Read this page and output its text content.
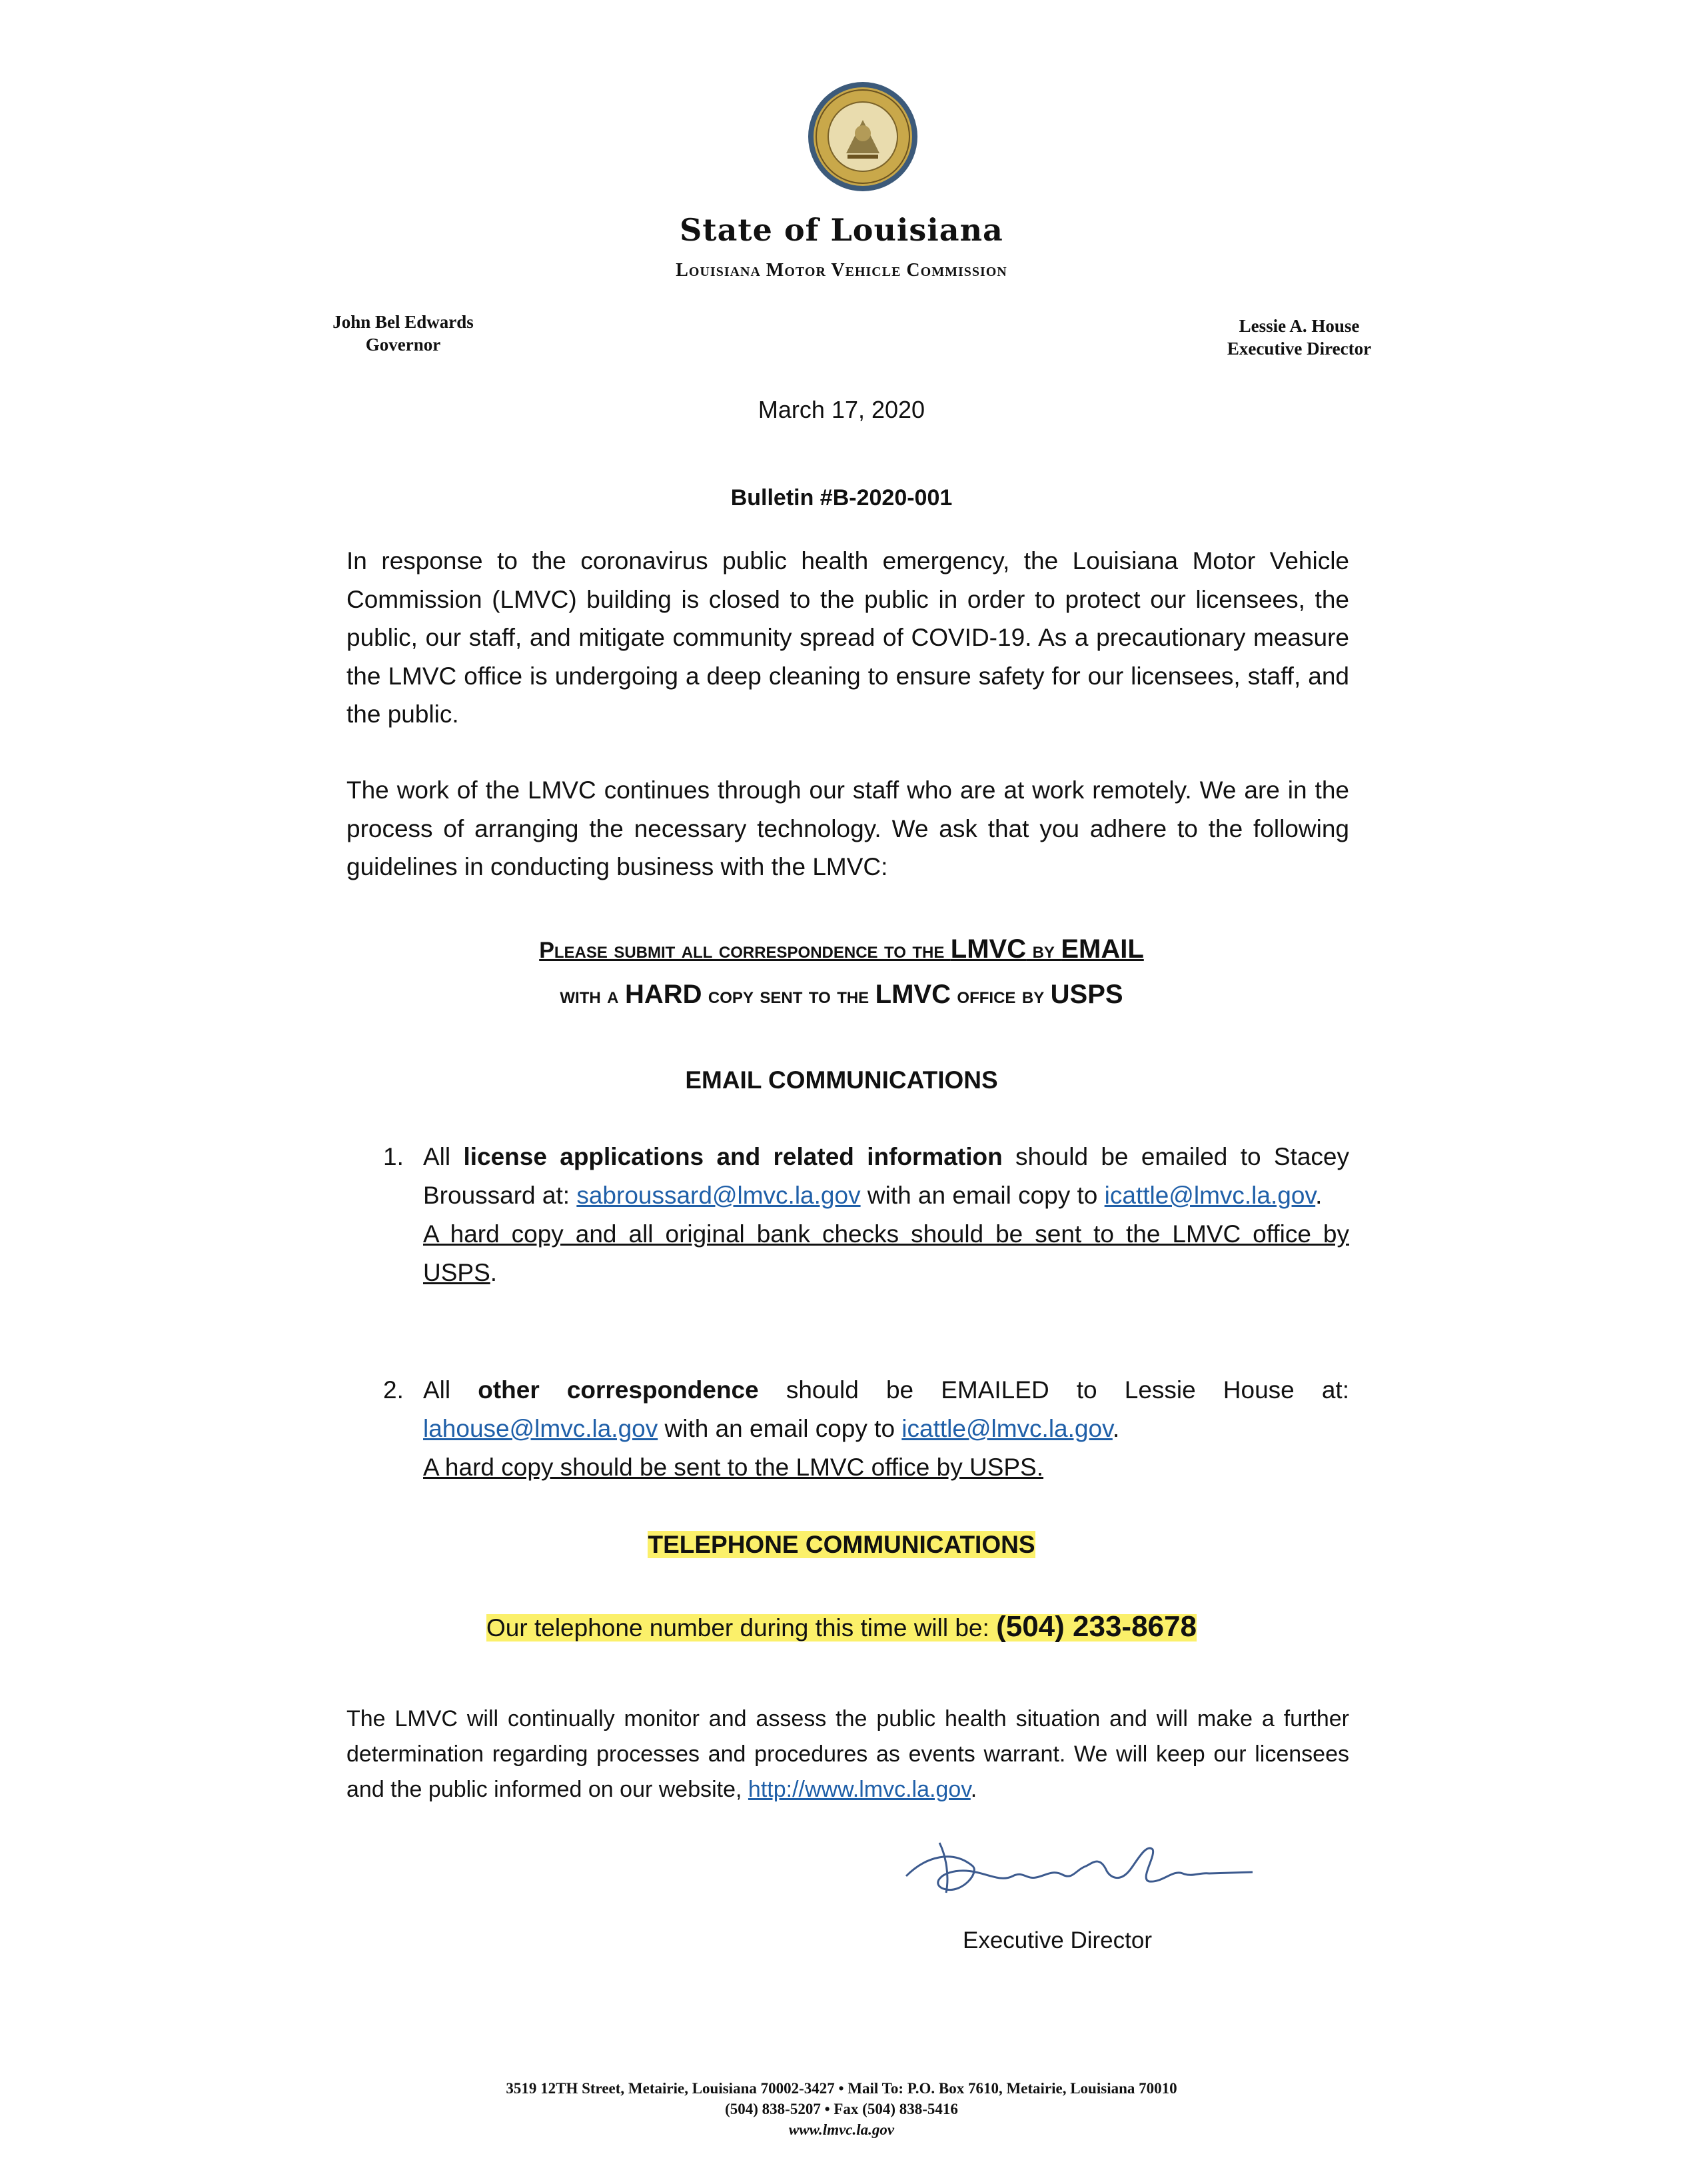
State of Louisiana
Louisiana Motor Vehicle Commission
John Bel Edwards
Governor
Lessie A. House
Executive Director
March 17, 2020
Bulletin #B-2020-001
In response to the coronavirus public health emergency, the Louisiana Motor Vehicle Commission (LMVC) building is closed to the public in order to protect our licensees, the public, our staff, and mitigate community spread of COVID-19. As a precautionary measure the LMVC office is undergoing a deep cleaning to ensure safety for our licensees, staff, and the public.
The work of the LMVC continues through our staff who are at work remotely. We are in the process of arranging the necessary technology. We ask that you adhere to the following guidelines in conducting business with the LMVC:
Please submit all correspondence to the LMVC by EMAIL
with a HARD copy sent to the LMVC office by USPS
EMAIL COMMUNICATIONS
1. All license applications and related information should be emailed to Stacey Broussard at: sabroussard@lmvc.la.gov with an email copy to icattle@lmvc.la.gov.
A hard copy and all original bank checks should be sent to the LMVC office by USPS.
2. All other correspondence should be EMAILED to Lessie House at: lahouse@lmvc.la.gov with an email copy to icattle@lmvc.la.gov.
A hard copy should be sent to the LMVC office by USPS.
TELEPHONE COMMUNICATIONS
Our telephone number during this time will be: (504) 233-8678
The LMVC will continually monitor and assess the public health situation and will make a further determination regarding processes and procedures as events warrant. We will keep our licensees and the public informed on our website, http://www.lmvc.la.gov.
Executive Director
3519 12TH Street, Metairie, Louisiana 70002-3427 • Mail To: P.O. Box 7610, Metairie, Louisiana 70010
(504) 838-5207 • Fax (504) 838-5416
www.lmvc.la.gov
